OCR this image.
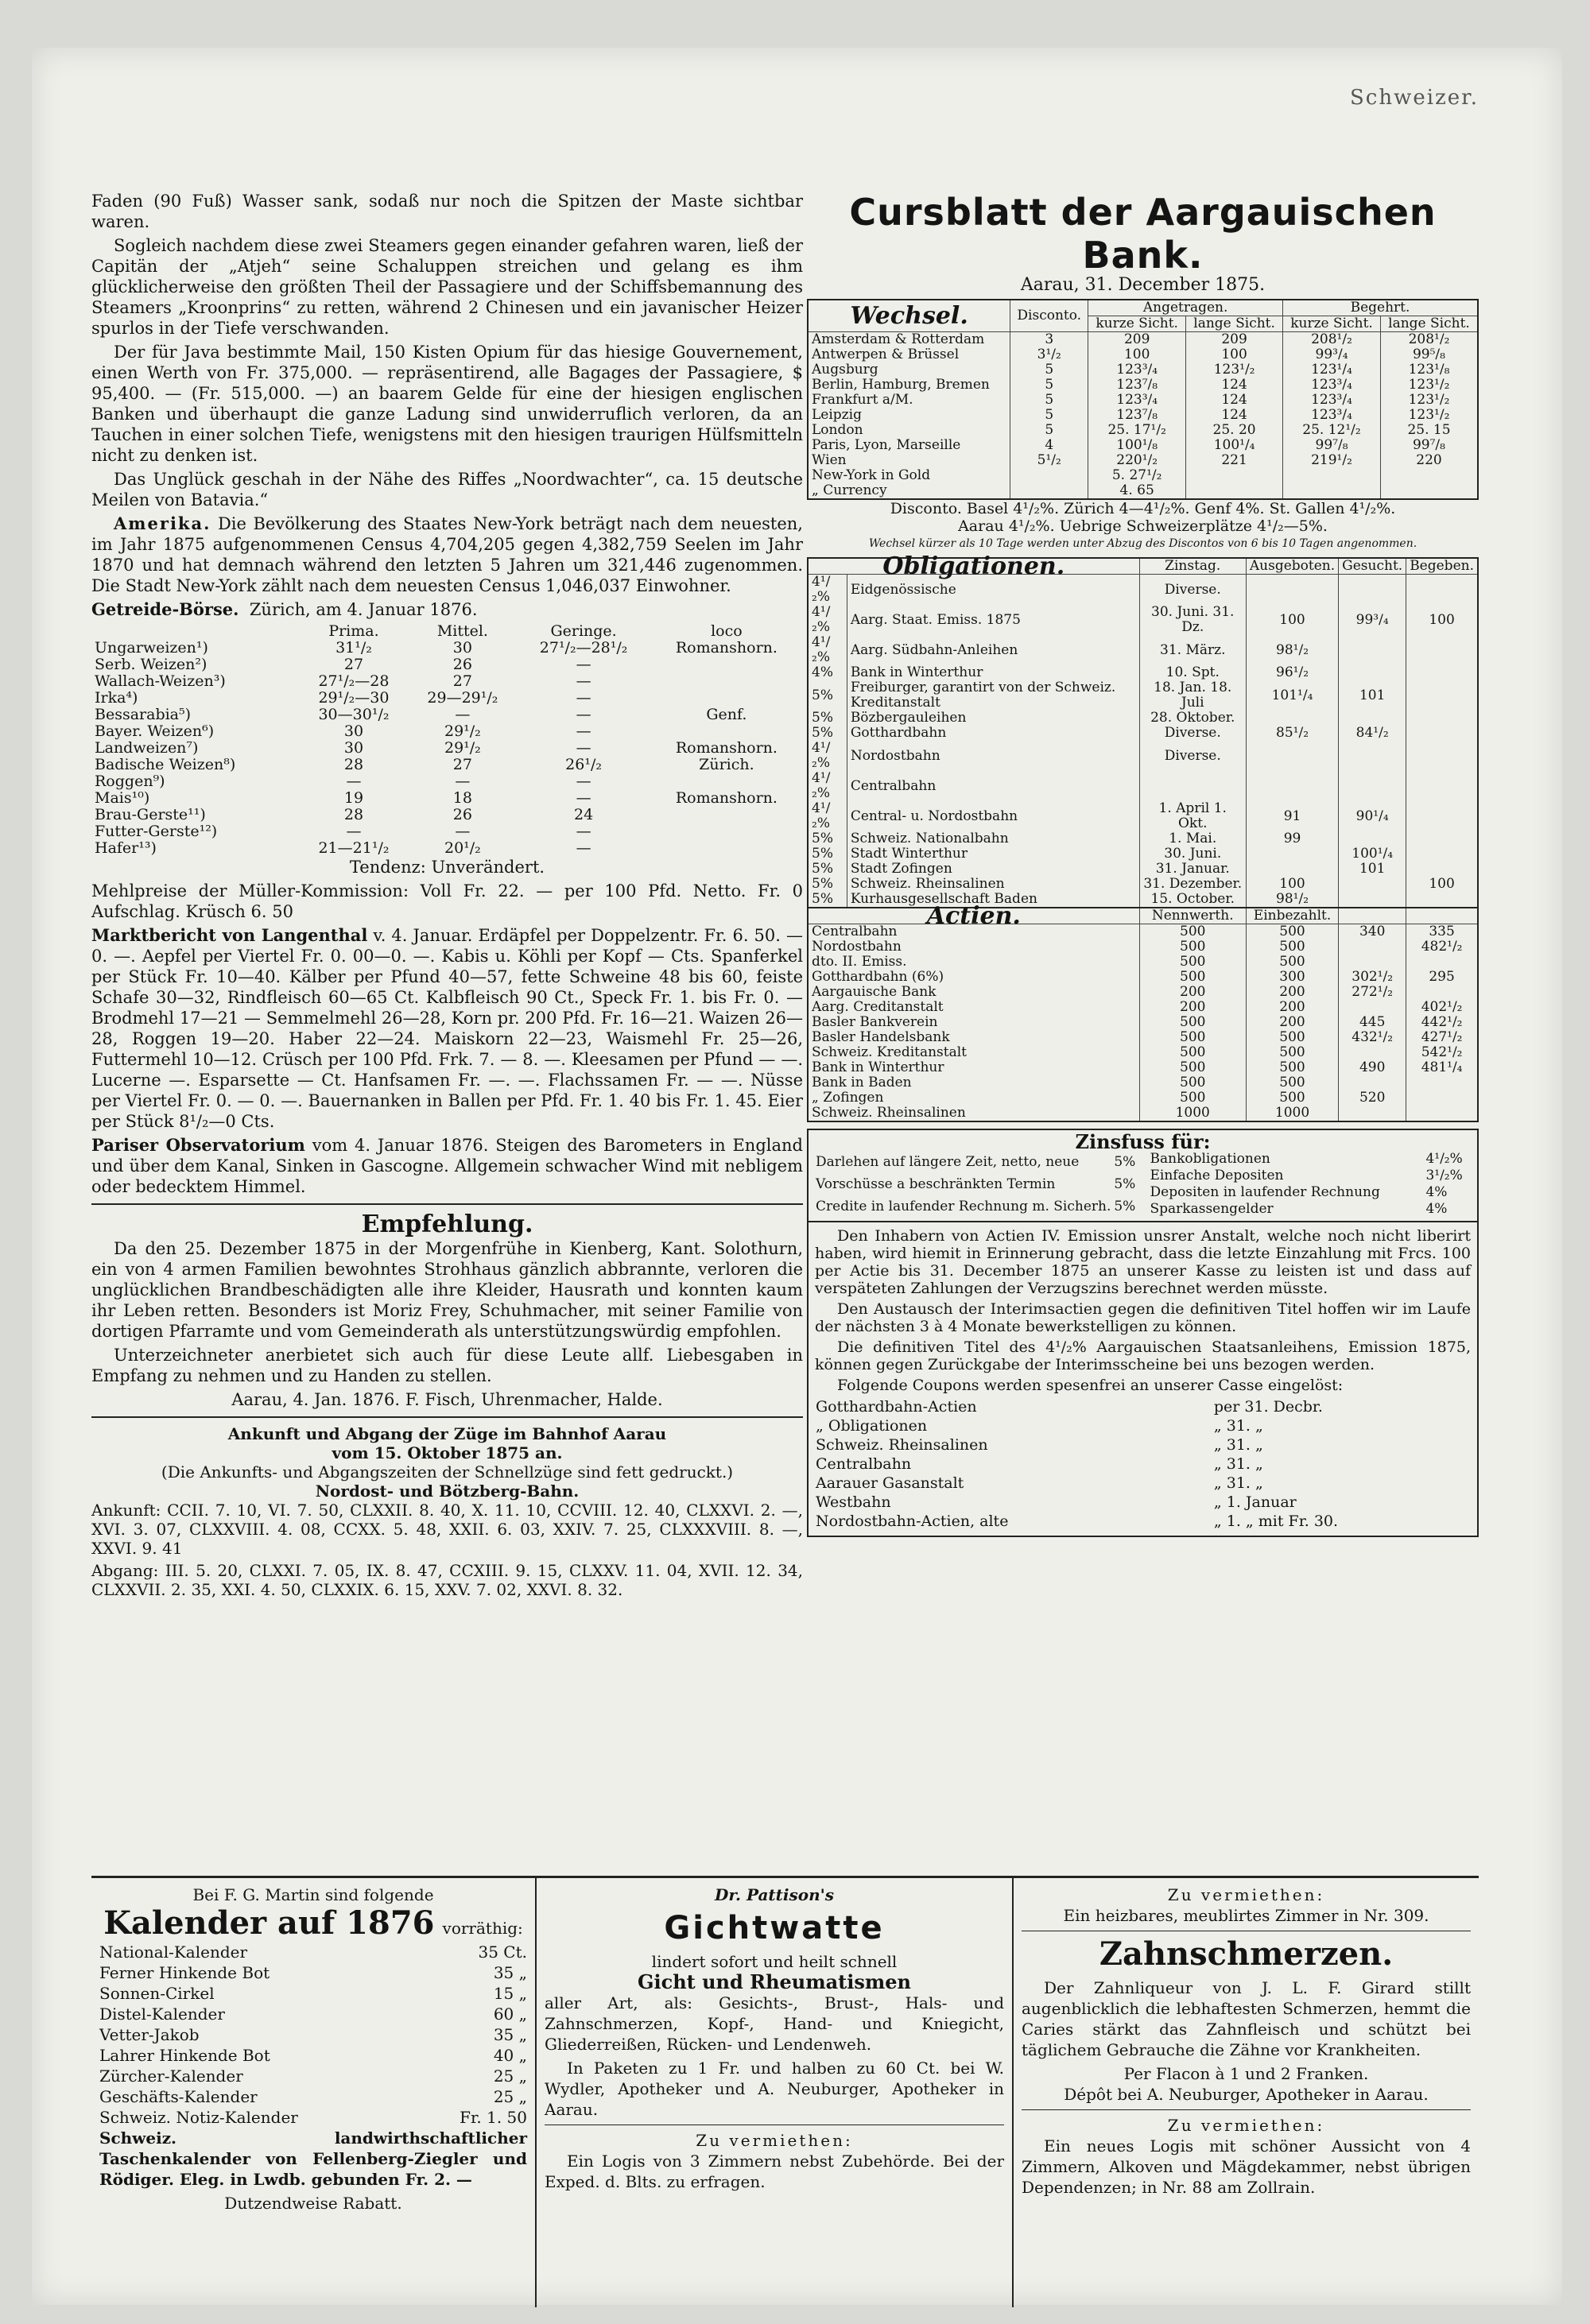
Schweizer.

Faden (90 Fuß) Wasser sank, sodaß nur noch die Spitzen der Maste sichtbar waren.

Sogleich nachdem diese zwei Steamers gegen einander gefahren waren, ließ der Capitän der „Atjeh“ seine Schaluppen streichen und gelang es ihm glücklicherweise den größten Theil der Passagiere und der Schiffsbemannung des Steamers „Kroonprins“ zu retten, während 2 Chinesen und ein javanischer Heizer spurlos in der Tiefe verschwanden.

Der für Java bestimmte Mail, 150 Kisten Opium für das hiesige Gouvernement, einen Werth von Fr. 375,000. — repräsentirend, alle Bagages der Passagiere, $ 95,400. — (Fr. 515,000. —) an baarem Gelde für eine der hiesigen englischen Banken und überhaupt die ganze Ladung sind unwiderruflich verloren, da an Tauchen in einer solchen Tiefe, wenigstens mit den hiesigen traurigen Hülfsmitteln nicht zu denken ist.

Das Unglück geschah in der Nähe des Riffes „Noordwachter“, ca. 15 deutsche Meilen von Batavia.“

Amerika. Die Bevölkerung des Staates New-York beträgt nach dem neuesten, im Jahr 1875 aufgenommenen Census 4,704,205 gegen 4,382,759 Seelen im Jahr 1870 und hat demnach während den letzten 5 Jahren um 321,446 zugenommen. Die Stadt New-York zählt nach dem neuesten Census 1,046,037 Einwohner.

Getreide-Börse. Zürich, am 4. Januar 1876.

	Prima.	Mittel.	Geringe.	loco
Ungarweizen¹)	31¹/₂	30	27¹/₂—28¹/₂	Romanshorn.
Serb. Weizen²)	27	26	—	
Wallach-Weizen³)	27¹/₂—28	27	—	
Irka⁴)	29¹/₂—30	29—29¹/₂	—	
Bessarabia⁵)	30—30¹/₂	—	—	Genf.
Bayer. Weizen⁶)	30	29¹/₂	—	
Landweizen⁷)	30	29¹/₂	—	Romanshorn.
Badische Weizen⁸)	28	27	26¹/₂	Zürich.
Roggen⁹)	—	—	—	
Mais¹⁰)	19	18	—	Romanshorn.
Brau-Gerste¹¹)	28	26	24	
Futter-Gerste¹²)	—	—	—	
Hafer¹³)	21—21¹/₂	20¹/₂	—	

Tendenz: Unverändert.

Mehlpreise der Müller-Kommission: Voll Fr. 22. — per 100 Pfd. Netto. Fr. 0 Aufschlag. Krüsch 6. 50

Marktbericht von Langenthal v. 4. Januar. Erdäpfel per Doppelzentr. Fr. 6. 50. — 0. —. Aepfel per Viertel Fr. 0. 00—0. —. Kabis u. Köhli per Kopf — Cts. Spanferkel per Stück Fr. 10—40. Kälber per Pfund 40—57, fette Schweine 48 bis 60, feiste Schafe 30—32, Rindfleisch 60—65 Ct. Kalbfleisch 90 Ct., Speck Fr. 1. bis Fr. 0. — Brodmehl 17—21 — Semmelmehl 26—28, Korn pr. 200 Pfd. Fr. 16—21. Waizen 26—28, Roggen 19—20. Haber 22—24. Maiskorn 22—23, Waismehl Fr. 25—26, Futtermehl 10—12. Crüsch per 100 Pfd. Frk. 7. — 8. —. Kleesamen per Pfund — —. Lucerne —. Esparsette — Ct. Hanfsamen Fr. —. —. Flachssamen Fr. — —. Nüsse per Viertel Fr. 0. — 0. —. Bauernanken in Ballen per Pfd. Fr. 1. 40 bis Fr. 1. 45. Eier per Stück 8¹/₂—0 Cts.

Pariser Observatorium vom 4. Januar 1876. Steigen des Barometers in England und über dem Kanal, Sinken in Gascogne. Allgemein schwacher Wind mit nebligem oder bedecktem Himmel.

Empfehlung.

Da den 25. Dezember 1875 in der Morgenfrühe in Kienberg, Kant. Solothurn, ein von 4 armen Familien bewohntes Strohhaus gänzlich abbrannte, verloren die unglücklichen Brandbeschädigten alle ihre Kleider, Hausrath und konnten kaum ihr Leben retten. Besonders ist Moriz Frey, Schuhmacher, mit seiner Familie von dortigen Pfarramte und vom Gemeinderath als unterstützungswürdig empfohlen.

Unterzeichneter anerbietet sich auch für diese Leute allf. Liebesgaben in Empfang zu nehmen und zu Handen zu stellen.

Aarau, 4. Jan. 1876. F. Fisch, Uhrenmacher, Halde.

Ankunft und Abgang der Züge im Bahnhof Aarau
vom 15. Oktober 1875 an.
(Die Ankunfts- und Abgangszeiten der Schnellzüge sind fett gedruckt.)
Nordost- und Bötzberg-Bahn.

Ankunft: CCII. 7. 10, VI. 7. 50, CLXXII. 8. 40, X. 11. 10, CCVIII. 12. 40, CLXXVI. 2. —, XVI. 3. 07, CLXXVIII. 4. 08, CCXX. 5. 48, XXII. 6. 03, XXIV. 7. 25, CLXXXVIII. 8. —, XXVI. 9. 41

Abgang: III. 5. 20, CLXXI. 7. 05, IX. 8. 47, CCXIII. 9. 15, CLXXV. 11. 04, XVII. 12. 34, CLXXVII. 2. 35, XXI. 4. 50, CLXXIX. 6. 15, XXV. 7. 02, XXVI. 8. 32.

Cursblatt der Aargauischen Bank.
Aarau, 31. December 1875.
Wechsel.	Disconto.	Angetragen.		Begehrt.	
		kurze Sicht.	lange Sicht.	kurze Sicht.	lange Sicht.
Amsterdam & Rotterdam	3	209	209	208¹/₂	208¹/₂
Antwerpen & Brüssel	3¹/₂	100	100	99³/₄	99⁵/₈
Augsburg	5	123³/₄	123¹/₂	123¹/₄	123¹/₈
Berlin, Hamburg, Bremen	5	123⁷/₈	124	123³/₄	123¹/₂
Frankfurt a/M.	5	123³/₄	124	123³/₄	123¹/₂
Leipzig	5	123⁷/₈	124	123³/₄	123¹/₂
London	5	25. 17¹/₂	25. 20	25. 12¹/₂	25. 15
Paris, Lyon, Marseille	4	100¹/₈	100¹/₄	99⁷/₈	99⁷/₈
Wien	5¹/₂	220¹/₂	221	219¹/₂	220
New-York in Gold		5. 27¹/₂			
„ Currency		4. 65			
Disconto. Basel 4¹/₂%. Zürich 4—4¹/₂%. Genf 4%. St. Gallen 4¹/₂%.
Aarau 4¹/₂%. Uebrige Schweizerplätze 4¹/₂—5%.
Wechsel kürzer als 10 Tage werden unter Abzug des Discontos von 6 bis 10 Tagen angenommen.
Obligationen.		Zinstag.	Ausgeboten.	Gesucht.	Begeben.
4¹/₂%	Eidgenössische	Diverse.			
4¹/₂%	Aarg. Staat. Emiss. 1875	30. Juni. 31. Dz.	100	99³/₄	100
4¹/₂%	Aarg. Südbahn-Anleihen	31. März.	98¹/₂		
4%	Bank in Winterthur	10. Spt.	96¹/₂		
5%	Freiburger, garantirt von der Schweiz. Kreditanstalt	18. Jan. 18. Juli	101¹/₄	101	
5%	Bözbergauleihen	28. Oktober.			
5%	Gotthardbahn	Diverse.	85¹/₂	84¹/₂	
4¹/₂%	Nordostbahn	Diverse.			
4¹/₂%	Centralbahn				
4¹/₂%	Central- u. Nordostbahn	1. April 1. Okt.	91	90¹/₄	
5%	Schweiz. Nationalbahn	1. Mai.	99		
5%	Stadt Winterthur	30. Juni.		100¹/₄	
5%	Stadt Zofingen	31. Januar.		101	
5%	Schweiz. Rheinsalinen	31. Dezember.	100		100
5%	Kurhausgesellschaft Baden	15. October.	98¹/₂		
Actien.		Nennwerth.	Einbezahlt.		
Centralbahn		500	500	340	335
Nordostbahn		500	500		482¹/₂
dto. II. Emiss.		500	500		
Gotthardbahn (6%)		500	300	302¹/₂	295
Aargauische Bank		200	200	272¹/₂	
Aarg. Creditanstalt		200	200		402¹/₂
Basler Bankverein		500	200	445	442¹/₂
Basler Handelsbank		500	500	432¹/₂	427¹/₂
Schweiz. Kreditanstalt		500	500		542¹/₂
Bank in Winterthur		500	500	490	481¹/₄
Bank in Baden		500	500		
„ Zofingen		500	500	520	
Schweiz. Rheinsalinen		1000	1000		
Zinsfuss für:
Darlehen auf längere Zeit, netto, neue	5%
Vorschüsse a beschränkten Termin	5%
Credite in laufender Rechnung m. Sicherh.	5%
Bankobligationen	4¹/₂%
Einfache Depositen	3¹/₂%
Depositen in laufender Rechnung	4%
Sparkassengelder	4%

Den Inhabern von Actien IV. Emission unsrer Anstalt, welche noch nicht liberirt haben, wird hiemit in Erinnerung gebracht, dass die letzte Einzahlung mit Frcs. 100 per Actie bis 31. December 1875 an unserer Kasse zu leisten ist und dass auf verspäteten Zahlungen der Verzugszins berechnet werden müsste.

Den Austausch der Interimsactien gegen die definitiven Titel hoffen wir im Laufe der nächsten 3 à 4 Monate bewerkstelligen zu können.

Die definitiven Titel des 4¹/₂% Aargauischen Staatsanleihens, Emission 1875, können gegen Zurückgabe der Interimsscheine bei uns bezogen werden.

Folgende Coupons werden spesenfrei an unserer Casse eingelöst:

Gotthardbahn-Actien	per 31. Decbr.
„ Obligationen	„ 31. „
Schweiz. Rheinsalinen	„ 31. „
Centralbahn	„ 31. „
Aarauer Gasanstalt	„ 31. „
Westbahn	„ 1. Januar
Nordostbahn-Actien, alte	„ 1. „ mit Fr. 30.
Bei F. G. Martin sind folgende
Kalender auf 1876 vorräthig:
National-Kalender	35 Ct.
Ferner Hinkende Bot	35 „
Sonnen-Cirkel	15 „
Distel-Kalender	60 „
Vetter-Jakob	35 „
Lahrer Hinkende Bot	40 „
Zürcher-Kalender	25 „
Geschäfts-Kalender	25 „
Schweiz. Notiz-Kalender	Fr. 1. 50

Schweiz. landwirthschaftlicher Taschenkalender von Fellenberg-Ziegler und Rödiger. Eleg. in Lwdb. gebunden Fr. 2. —

Dutzendweise Rabatt.

Dr. Pattison's
Gichtwatte
lindert sofort und heilt schnell
Gicht und Rheumatismen

aller Art, als: Gesichts-, Brust-, Hals- und Zahnschmerzen, Kopf-, Hand- und Kniegicht, Gliederreißen, Rücken- und Lendenweh.

In Paketen zu 1 Fr. und halben zu 60 Ct. bei W. Wydler, Apotheker und A. Neuburger, Apotheker in Aarau.

Zu vermiethen:

Ein Logis von 3 Zimmern nebst Zubehörde. Bei der Exped. d. Blts. zu erfragen.

Zu vermiethen:
Ein heizbares, meublirtes Zimmer in Nr. 309.
Zahnschmerzen.

Der Zahnliqueur von J. L. F. Girard stillt augenblicklich die lebhaftesten Schmerzen, hemmt die Caries stärkt das Zahnfleisch und schützt bei täglichem Gebrauche die Zähne vor Krankheiten.

Per Flacon à 1 und 2 Franken.
Dépôt bei A. Neuburger, Apotheker in Aarau.
Zu vermiethen:

Ein neues Logis mit schöner Aussicht von 4 Zimmern, Alkoven und Mägdekammer, nebst übrigen Dependenzen; in Nr. 88 am Zollrain.
